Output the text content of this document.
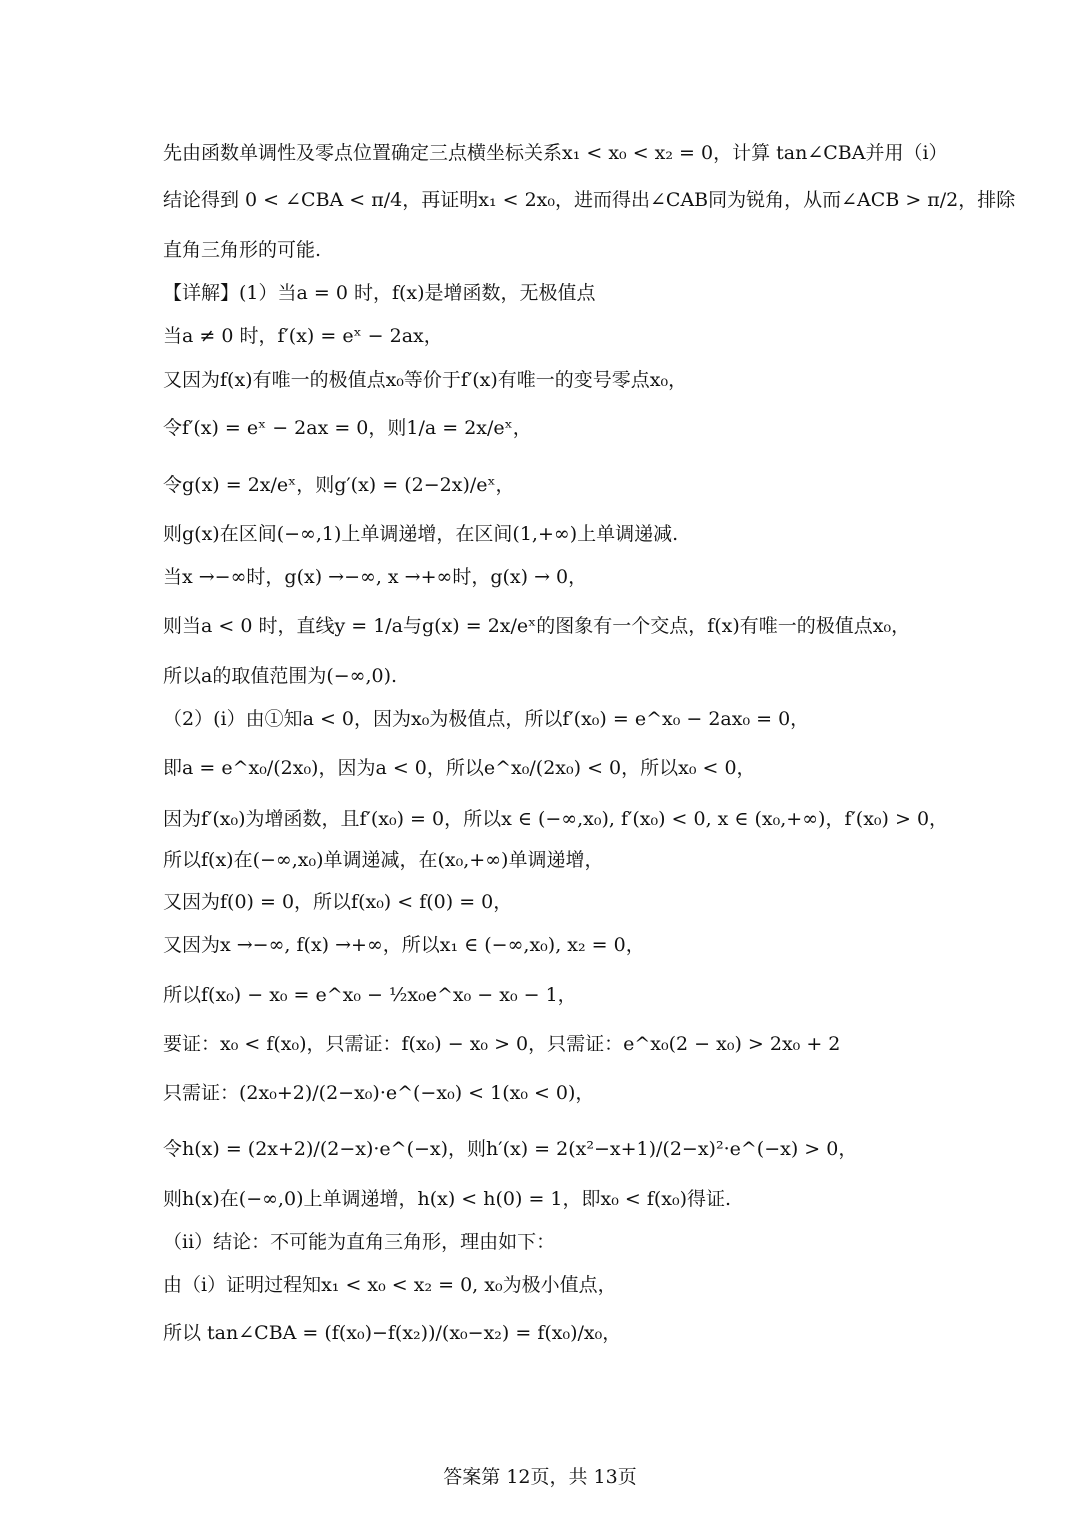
先由函数单调性及零点位置确定三点横坐标关系x₁ < x₀ < x₂ = 0，计算 tan∠CBA并用（i）
结论得到 0 < ∠CBA < π/4，再证明x₁ < 2x₀，进而得出∠CAB同为锐角，从而∠ACB > π/2，排除
直角三角形的可能.
【详解】(1）当a = 0 时，f(x)是增函数，无极值点
当a ≠ 0 时，f′(x) = eˣ − 2ax，
又因为f(x)有唯一的极值点x₀等价于f′(x)有唯一的变号零点x₀，
令f′(x) = eˣ − 2ax = 0，则1/a = 2x/eˣ，
令g(x) = 2x/eˣ，则g′(x) = (2−2x)/eˣ，
则g(x)在区间(−∞,1)上单调递增，在区间(1,+∞)上单调递减.
当x →−∞时，g(x) →−∞, x →+∞时，g(x) → 0，
则当a < 0 时，直线y = 1/a与g(x) = 2x/eˣ的图象有一个交点，f(x)有唯一的极值点x₀，
所以a的取值范围为(−∞,0).
（2）(i）由①知a < 0，因为x₀为极值点，所以f′(x₀) = e^x₀ − 2ax₀ = 0，
即a = e^x₀/(2x₀)，因为a < 0，所以e^x₀/(2x₀) < 0，所以x₀ < 0，
因为f′(x₀)为增函数，且f′(x₀) = 0，所以x ∈ (−∞,x₀), f′(x₀) < 0, x ∈ (x₀,+∞)，f′(x₀) > 0，
所以f(x)在(−∞,x₀)单调递减，在(x₀,+∞)单调递增，
又因为f(0) = 0，所以f(x₀) < f(0) = 0，
又因为x →−∞, f(x) →+∞，所以x₁ ∈ (−∞,x₀), x₂ = 0，
所以f(x₀) − x₀ = e^x₀ − ½x₀e^x₀ − x₀ − 1，
要证：x₀ < f(x₀)，只需证：f(x₀) − x₀ > 0，只需证：e^x₀(2 − x₀) > 2x₀ + 2
只需证：(2x₀+2)/(2−x₀)·e^(−x₀) < 1(x₀ < 0)，
令h(x) = (2x+2)/(2−x)·e^(−x)，则h′(x) = 2(x²−x+1)/(2−x)²·e^(−x) > 0，
则h(x)在(−∞,0)上单调递增，h(x) < h(0) = 1，即x₀ < f(x₀)得证.
（ii）结论：不可能为直角三角形，理由如下：
由（i）证明过程知x₁ < x₀ < x₂ = 0, x₀为极小值点，
所以 tan∠CBA = (f(x₀)−f(x₂))/(x₀−x₂) = f(x₀)/x₀，
答案第 12页，共 13页
